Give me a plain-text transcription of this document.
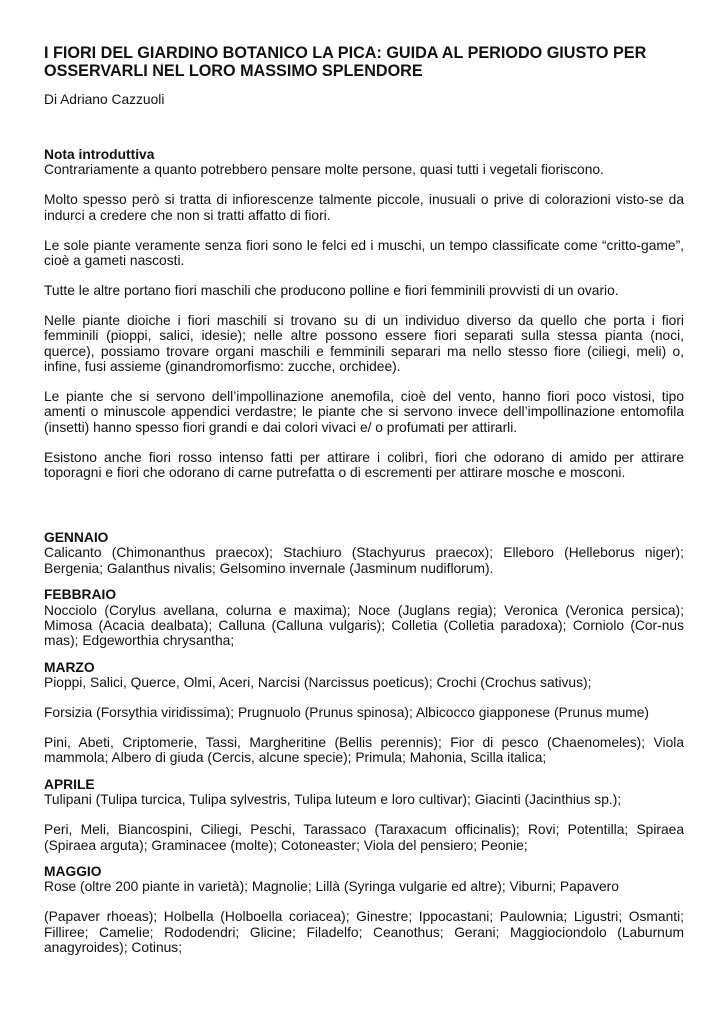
I FIORI DEL GIARDINO BOTANICO LA PICA: GUIDA AL PERIODO GIUSTO PER OSSERVARLI NEL LORO MASSIMO SPLENDORE
Di Adriano Cazzuoli
Nota introduttiva

Contrariamente a quanto potrebbero pensare molte persone, quasi tutti i vegetali fioriscono.

Molto spesso però si tratta di infiorescenze talmente piccole, inusuali o prive di colorazioni visto-se da indurci a credere che non si tratti affatto di fiori.

Le sole piante veramente senza fiori sono le felci ed i muschi, un tempo classificate come “critto-game”, cioè a gameti nascosti.

Tutte le altre portano fiori maschili che producono polline e fiori femminili provvisti di un ovario.

Nelle piante dioiche i fiori maschili si trovano su di un individuo diverso da quello che porta i fiori femminili (pioppi, salici, idesie); nelle altre possono essere fiori separati sulla stessa pianta (noci, querce), possiamo trovare organi maschili e femminili separari ma nello stesso fiore (ciliegi, meli) o, infine, fusi assieme (ginandromorfismo: zucche, orchidee).

Le piante che si servono dell’impollinazione anemofila, cioè del vento, hanno fiori poco vistosi, tipo amenti o minuscole appendici verdastre; le piante che si servono invece dell’impollinazione entomofila (insetti) hanno spesso fiori grandi e dai colori vivaci e/ o profumati per attirarli.

Esistono anche fiori rosso intenso fatti per attirare i colibrì, fiori che odorano di amido per attirare toporagni e fiori che odorano di carne putrefatta o di escrementi per attirare mosche e mosconi.

GENNAIO

Calicanto (Chimonanthus praecox); Stachiuro (Stachyurus praecox); Elleboro (Helleborus niger); Bergenia; Galanthus nivalis; Gelsomino invernale (Jasminum nudiflorum).

FEBBRAIO

Nocciolo (Corylus avellana, colurna e maxima); Noce (Juglans regia); Veronica (Veronica persica); Mimosa (Acacia dealbata); Calluna (Calluna vulgaris); Colletia (Colletia paradoxa); Corniolo (Cor-nus mas); Edgeworthia chrysantha;

MARZO

Pioppi, Salici, Querce, Olmi, Aceri, Narcisi (Narcissus poeticus); Crochi (Crochus sativus);

Forsizia (Forsythia viridissima); Prugnuolo (Prunus spinosa); Albicocco giapponese (Prunus mume)

Pini, Abeti, Criptomerie, Tassi, Margheritine (Bellis perennis); Fior di pesco (Chaenomeles); Viola mammola; Albero di giuda (Cercis, alcune specie); Primula; Mahonia, Scilla italica;

APRILE

Tulipani (Tulipa turcica, Tulipa sylvestris, Tulipa luteum e loro cultivar); Giacinti (Jacinthius sp.);

Peri, Meli, Biancospini, Ciliegi, Peschi, Tarassaco (Taraxacum officinalis); Rovi; Potentilla; Spiraea (Spiraea arguta); Graminacee (molte); Cotoneaster; Viola del pensiero; Peonie;

MAGGIO

Rose (oltre 200 piante in varietà); Magnolie; Lillà (Syringa vulgarie ed altre); Viburni; Papavero

(Papaver rhoeas); Holbella (Holboella coriacea); Ginestre; Ippocastani; Paulownia; Ligustri; Osmanti; Filliree; Camelie; Rododendri; Glicine; Filadelfo; Ceanothus; Gerani; Maggiociondolo (Laburnum anagyroides); Cotinus;
